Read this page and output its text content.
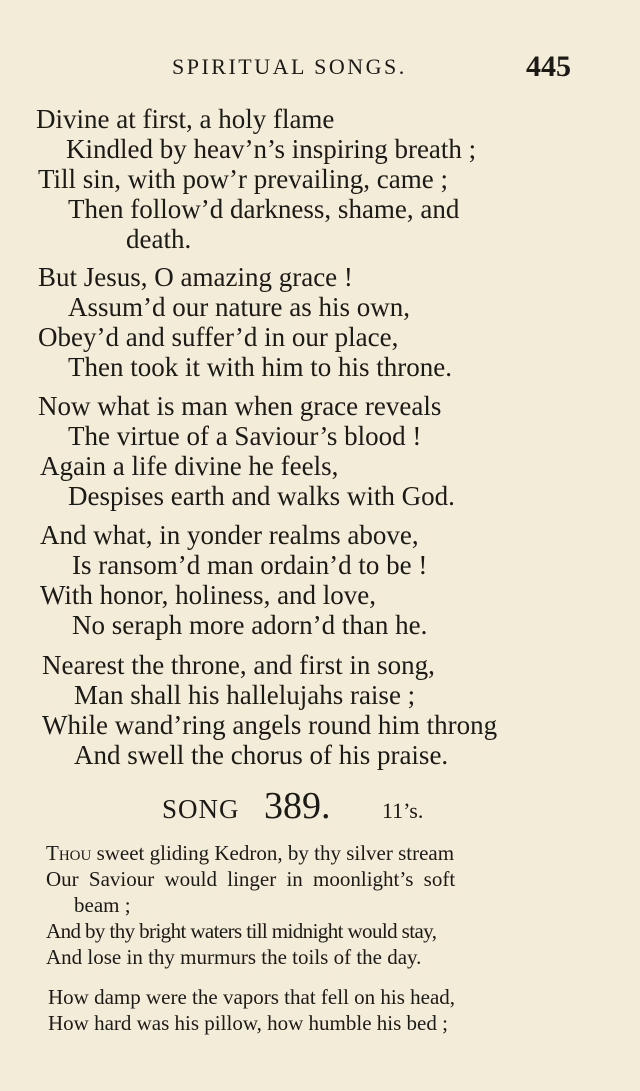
SPIRITUAL SONGS.	445
Divine at first, a holy flame
Kindled by heav’n’s inspiring breath ;
Till sin, with pow’r prevailing, came ;
Then follow’d darkness, shame, and
death.
But Jesus, O amazing grace !
Assum’d our nature as his own,
Obey’d and suffer’d in our place,
Then took it with him to his throne.
Now what is man when grace reveals
The virtue of a Saviour’s blood !
Again a life divine he feels,
Despises earth and walks with God.
And what, in yonder realms above,
Is ransom’d man ordain’d to be !
With honor, holiness, and love,
No seraph more adorn’d than he.
Nearest the throne, and first in song,
Man shall his hallelujahs raise ;
While wand’ring angels round him throng
And swell the chorus of his praise.
SONG 389. 11’s.
Thou sweet gliding Kedron, by thy silver stream
Our Saviour would linger in moonlight’s soft
beam ;
And by thy bright waters till midnight would stay,
And lose in thy murmurs the toils of the day.
How damp were the vapors that fell on his head,
How hard was his pillow, how humble his bed ;
